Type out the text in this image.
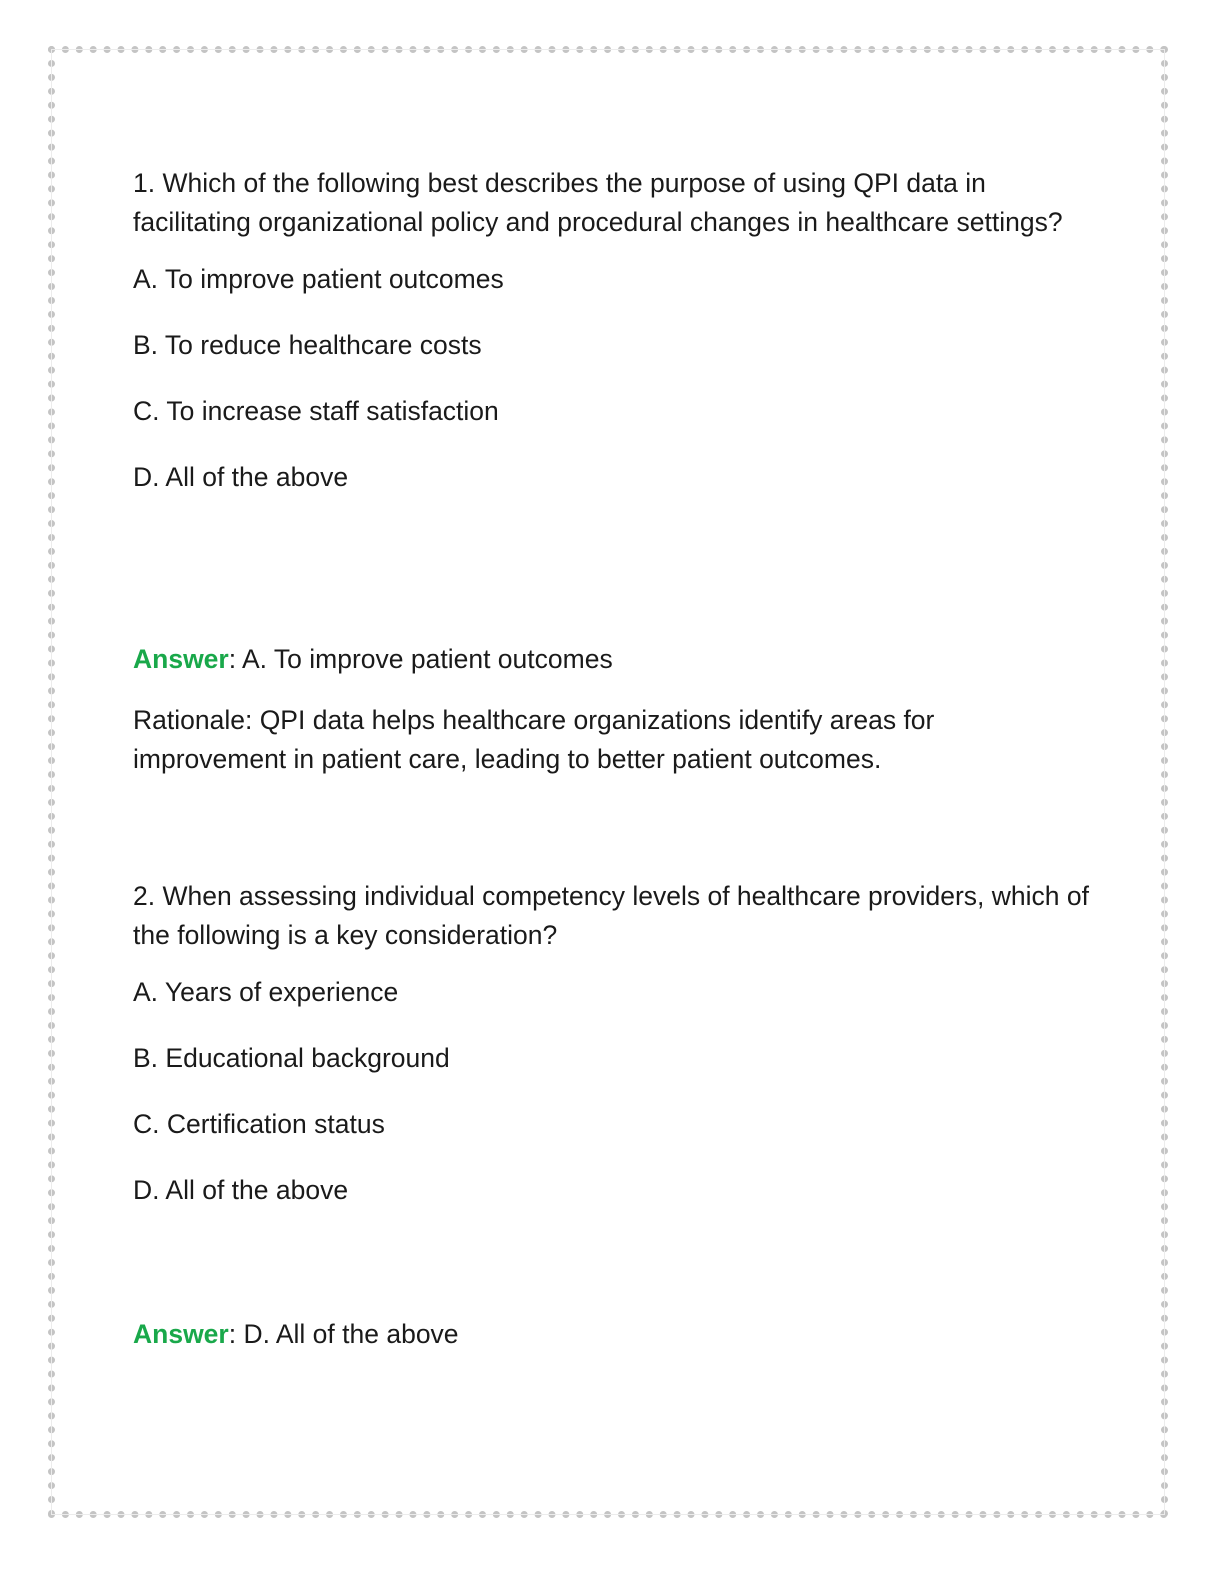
1. Which of the following best describes the purpose of using QPI data in facilitating organizational policy and procedural changes in healthcare settings?

A. To improve patient outcomes

B. To reduce healthcare costs

C. To increase staff satisfaction

D. All of the above

Answer: A. To improve patient outcomes

Rationale: QPI data helps healthcare organizations identify areas for improvement in patient care, leading to better patient outcomes.

2. When assessing individual competency levels of healthcare providers, which of the following is a key consideration?

A. Years of experience

B. Educational background

C. Certification status

D. All of the above

Answer: D. All of the above
